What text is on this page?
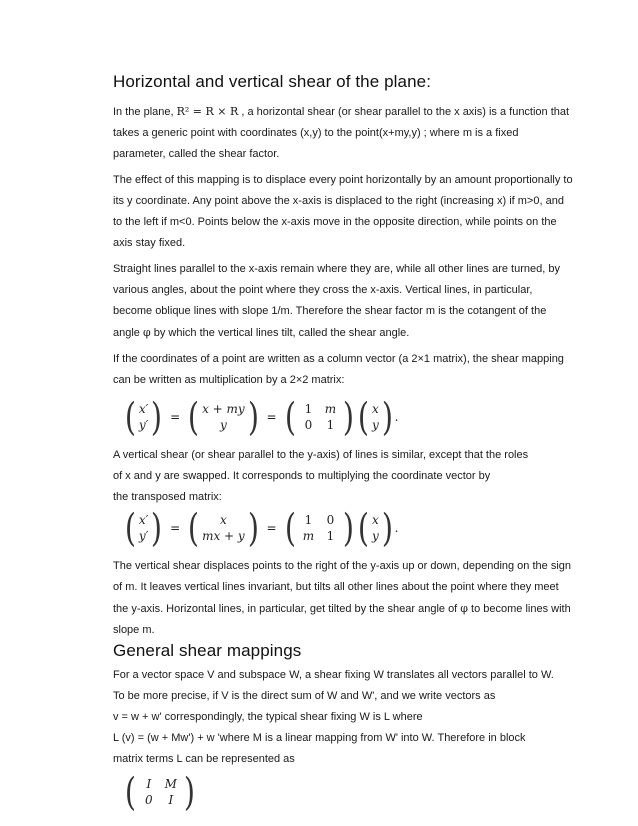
Horizontal and vertical shear of the plane:

In the plane, R² = R × R , a horizontal shear (or shear parallel to the x axis) is a function that takes a generic point with coordinates (x,y) to the point(x+my,y) ; where m is a fixed parameter, called the shear factor.

The effect of this mapping is to displace every point horizontally by an amount proportionally to its y coordinate. Any point above the x-axis is displaced to the right (increasing x) if m>0, and to the left if m<0. Points below the x-axis move in the opposite direction, while points on the axis stay fixed.

Straight lines parallel to the x-axis remain where they are, while all other lines are turned, by various angles, about the point where they cross the x-axis. Vertical lines, in particular, become oblique lines with slope 1/m. Therefore the shear factor m is the cotangent of the angle φ by which the vertical lines tilt, called the shear angle.

If the coordinates of a point are written as a column vector (a 2×1 matrix), the shear mapping can be written as multiplication by a 2×2 matrix:

( x′
y′ ) = ( x + my
y ) = ( 1	m
0	1 ) ( x
y ) .

A vertical shear (or shear parallel to the y-axis) of lines is similar, except that the roles
of x and y are swapped. It corresponds to multiplying the coordinate vector by
the transposed matrix:

( x′
y′ ) = ( x
mx + y ) = ( 1	0
m	1 ) ( x
y ) .

The vertical shear displaces points to the right of the y-axis up or down, depending on the sign of m. It leaves vertical lines invariant, but tilts all other lines about the point where they meet the y-axis. Horizontal lines, in particular, get tilted by the shear angle of φ to become lines with slope m.

General shear mappings

For a vector space V and subspace W, a shear fixing W translates all vectors parallel to W.

To be more precise, if V is the direct sum of W and W', and we write vectors as
v = w + w' correspondingly, the typical shear fixing W is L where
L (v) = (w + Mw') + w 'where M is a linear mapping from W' into W. Therefore in block
matrix terms L can be represented as

( I	M
0	I )
